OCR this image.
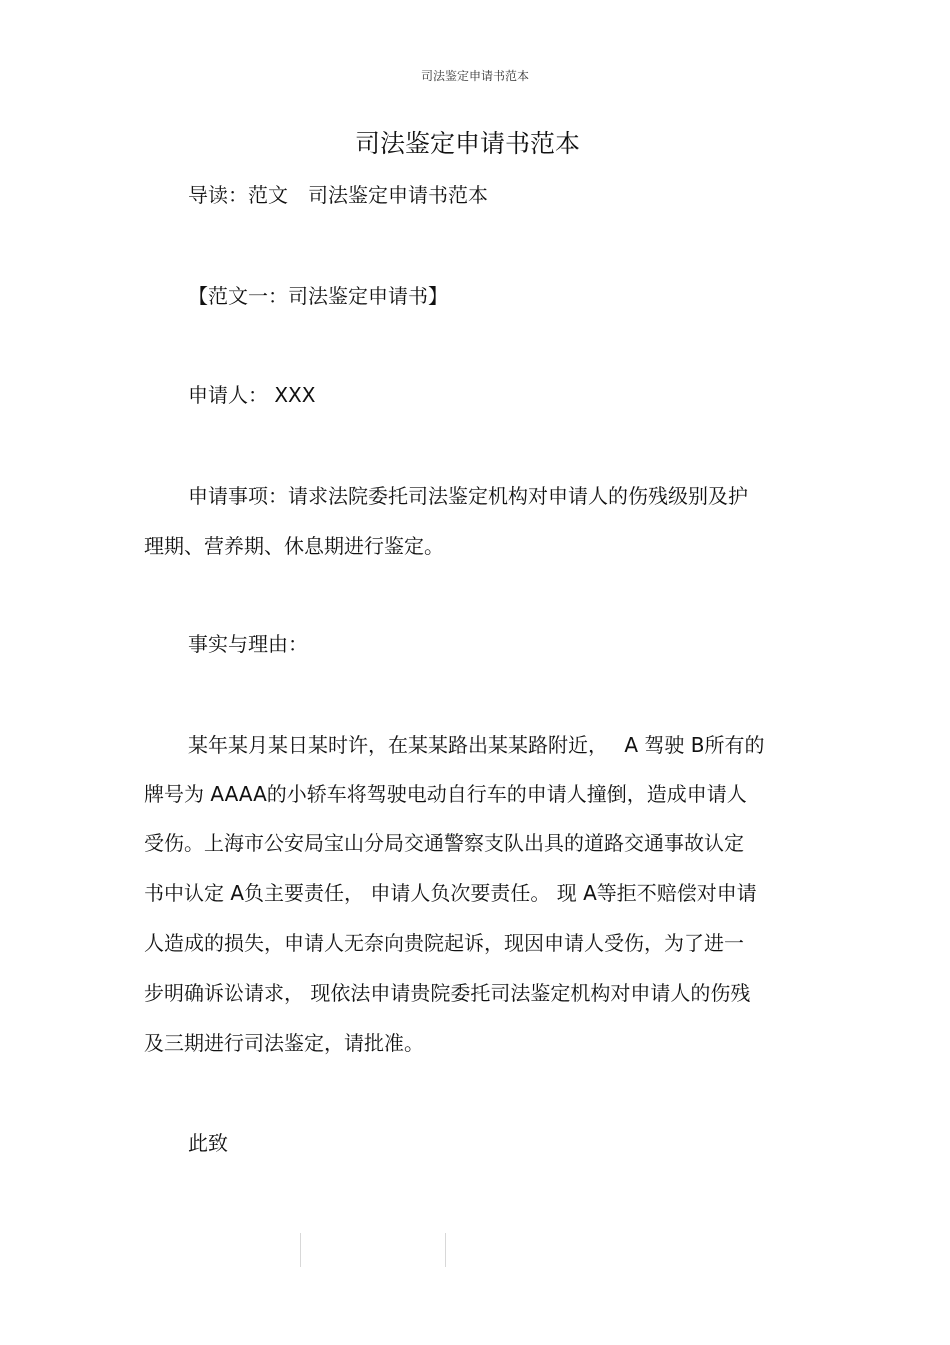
司法鉴定申请书范本
司法鉴定申请书范本

导读：范文　司法鉴定申请书范本

【范文一：司法鉴定申请书】

申请人： XXX

申请事项：请求法院委托司法鉴定机构对申请人的伤残级别及护

理期、营养期、休息期进行鉴定。

事实与理由：

某年某月某日某时许，在某某路出某某路附近，　 A 驾驶 B所有的

牌号为 AAAA的小轿车将驾驶电动自行车的申请人撞倒，造成申请人

受伤。上海市公安局宝山分局交通警察支队出具的道路交通事故认定

书中认定 A负主要责任， 申请人负次要责任。 现 A等拒不赔偿对申请

人造成的损失，申请人无奈向贵院起诉，现因申请人受伤，为了进一

步明确诉讼请求， 现依法申请贵院委托司法鉴定机构对申请人的伤残

及三期进行司法鉴定，请批准。

此致
